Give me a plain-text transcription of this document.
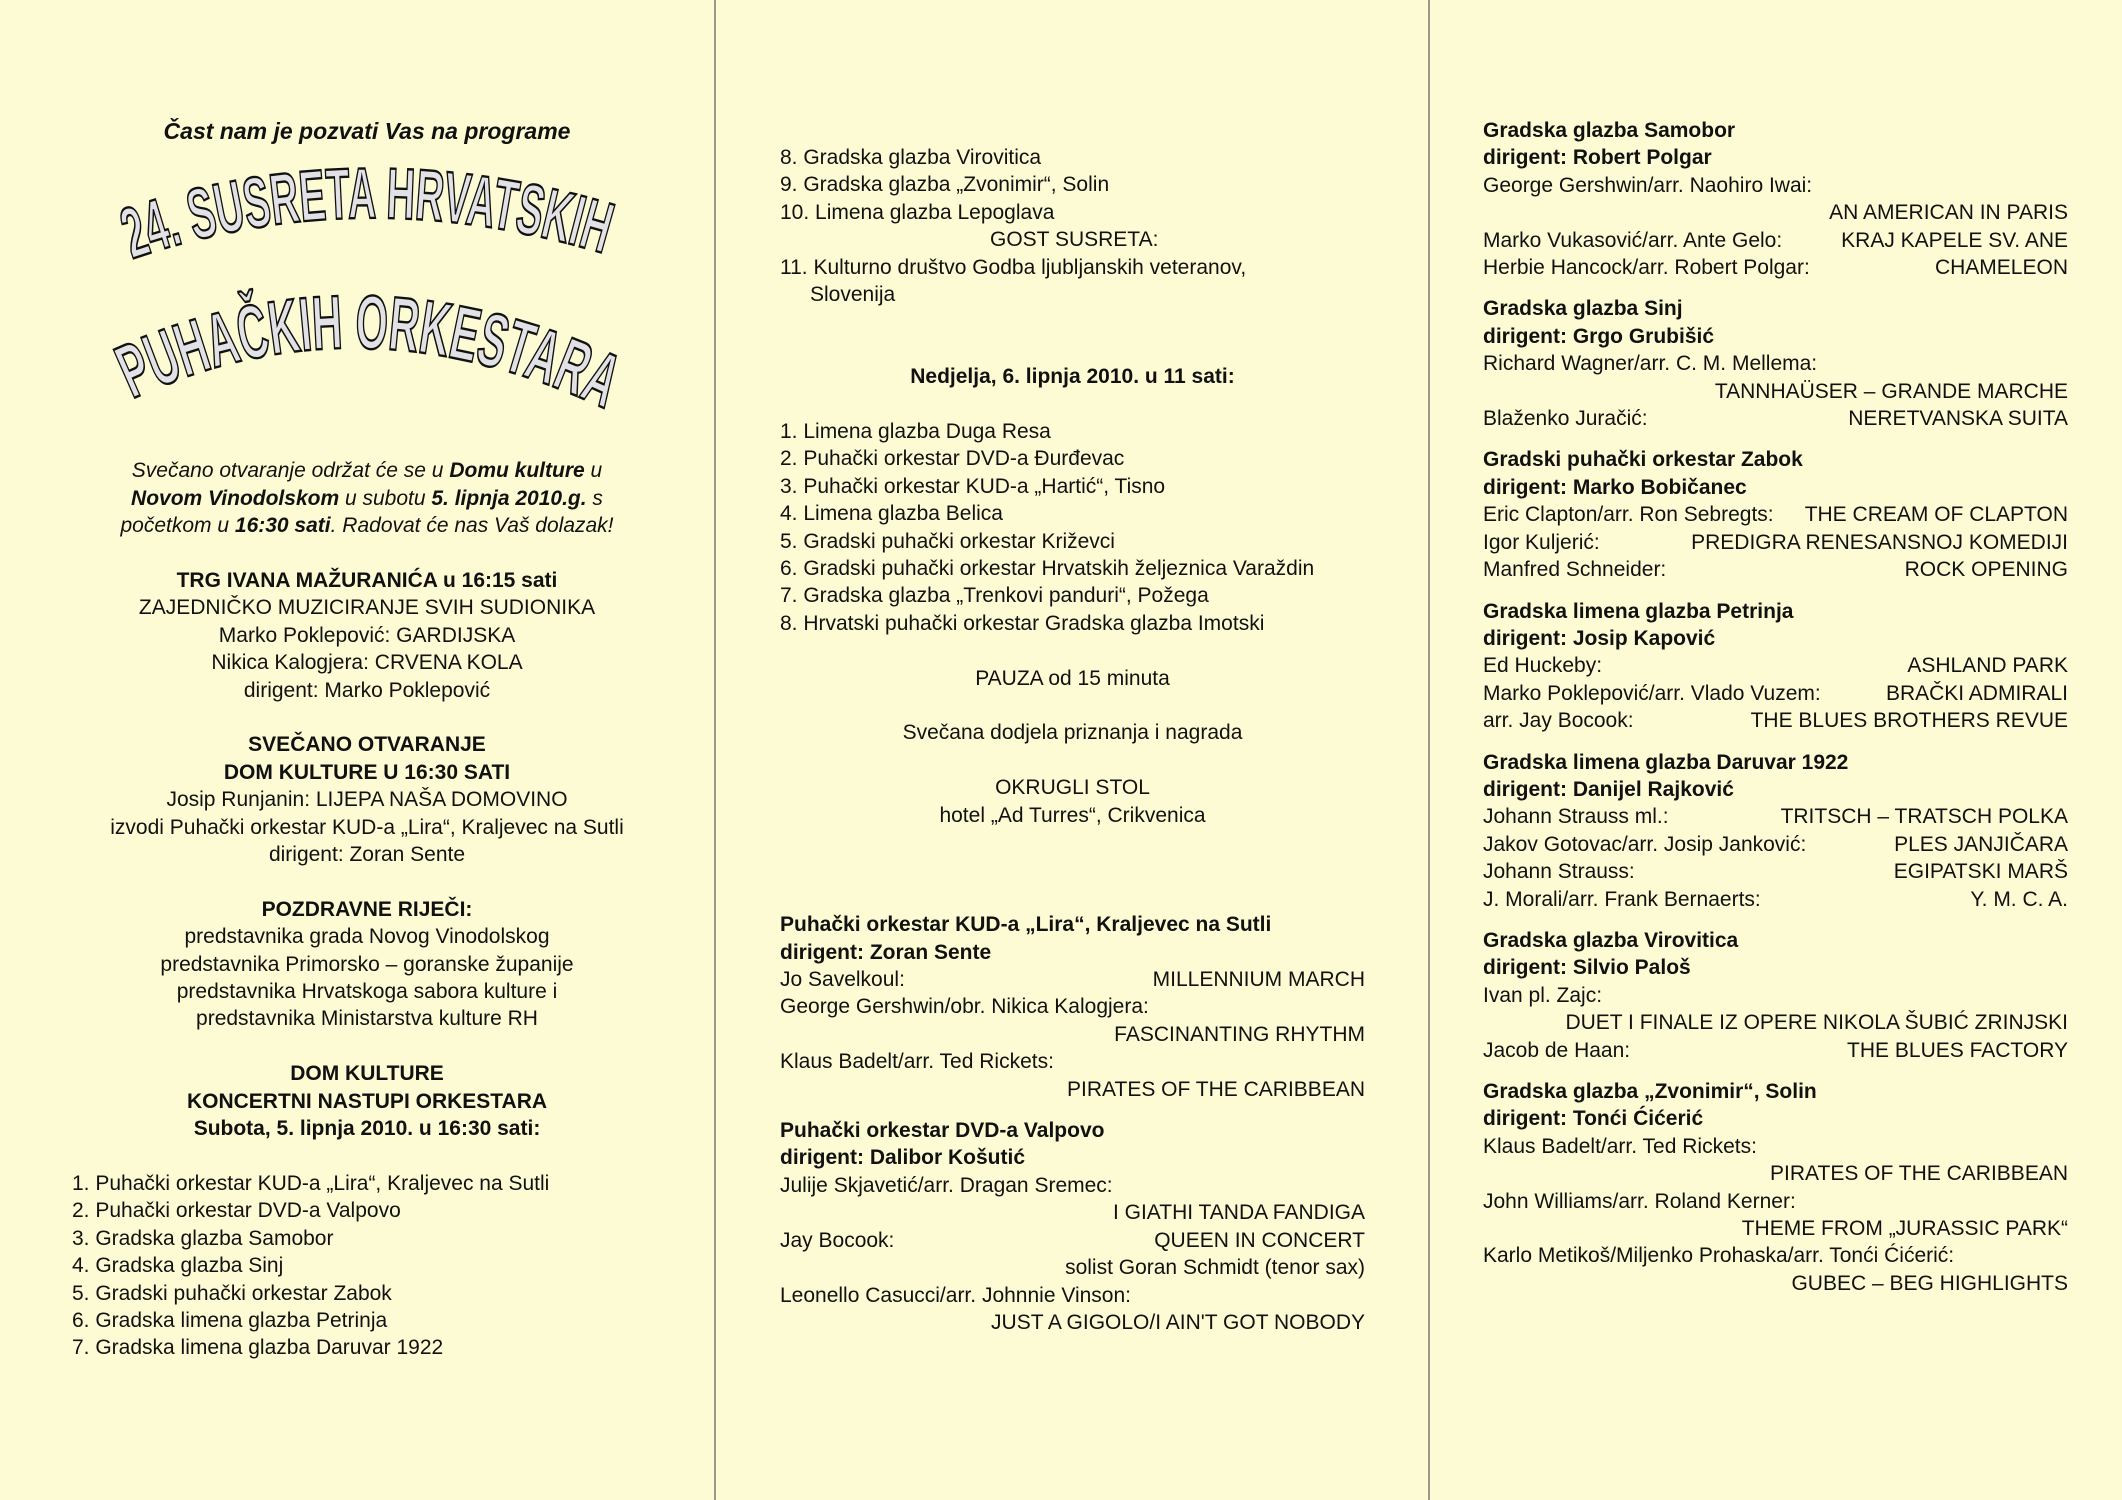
Čast nam je pozvati Vas na programe
24. SUSRETA HRVATSKIH
PUHAČKIH ORKESTARA
Svečano otvaranje održat će se u Domu kulture u
Novom Vinodolskom u subotu 5. lipnja 2010.g. s
početkom u 16:30 sati. Radovat će nas Vaš dolazak!
TRG IVANA MAŽURANIĆA u 16:15 sati
ZAJEDNIČKO MUZICIRANJE SVIH SUDIONIKA
Marko Poklepović: GARDIJSKA
Nikica Kalogjera: CRVENA KOLA
dirigent: Marko Poklepović
SVEČANO OTVARANJE
DOM KULTURE U 16:30 SATI
Josip Runjanin: LIJEPA NAŠA DOMOVINO
izvodi Puhački orkestar KUD-a „Lira“, Kraljevec na Sutli
dirigent: Zoran Sente
POZDRAVNE RIJEČI:
predstavnika grada Novog Vinodolskog
predstavnika Primorsko – goranske županije
predstavnika Hrvatskoga sabora kulture i
predstavnika Ministarstva kulture RH
DOM KULTURE
KONCERTNI NASTUPI ORKESTARA
Subota, 5. lipnja 2010. u 16:30 sati:
1. Puhački orkestar KUD-a „Lira“, Kraljevec na Sutli
2. Puhački orkestar DVD-a Valpovo
3. Gradska glazba Samobor
4. Gradska glazba Sinj
5. Gradski puhački orkestar Zabok
6. Gradska limena glazba Petrinja
7. Gradska limena glazba Daruvar 1922
8. Gradska glazba Virovitica
9. Gradska glazba „Zvonimir“, Solin
10. Limena glazba Lepoglava
GOST SUSRETA:
11. Kulturno društvo Godba ljubljanskih veteranov, Slovenija
Nedjelja, 6. lipnja 2010. u 11 sati:
1. Limena glazba Duga Resa
2. Puhački orkestar DVD-a Đurđevac
3. Puhački orkestar KUD-a „Hartić“, Tisno
4. Limena glazba Belica
5. Gradski puhački orkestar Križevci
6. Gradski puhački orkestar Hrvatskih željeznica Varaždin
7. Gradska glazba „Trenkovi panduri“, Požega
8. Hrvatski puhački orkestar Gradska glazba Imotski
PAUZA od 15 minuta
Svečana dodjela priznanja i nagrada
OKRUGLI STOL
hotel „Ad Turres“, Crikvenica
Puhački orkestar KUD-a „Lira“, Kraljevec na Sutli
dirigent: Zoran Sente
Jo Savelkoul:	MILLENNIUM MARCH
George Gershwin/obr. Nikica Kalogjera:
FASCINANTING RHYTHM
Klaus Badelt/arr. Ted Rickets:
PIRATES OF THE CARIBBEAN
Puhački orkestar DVD-a Valpovo
dirigent: Dalibor Košutić
Julije Skjavetić/arr. Dragan Sremec:
I GIATHI TANDA FANDIGA
Jay Bocook:	QUEEN IN CONCERT
solist Goran Schmidt (tenor sax)
Leonello Casucci/arr. Johnnie Vinson:
JUST A GIGOLO/I AIN'T GOT NOBODY
Gradska glazba Samobor
dirigent: Robert Polgar
George Gershwin/arr. Naohiro Iwai:
AN AMERICAN IN PARIS
Marko Vukasović/arr. Ante Gelo:	KRAJ KAPELE SV. ANE
Herbie Hancock/arr. Robert Polgar:	CHAMELEON
Gradska glazba Sinj
dirigent: Grgo Grubišić
Richard Wagner/arr. C. M. Mellema:
TANNHAÜSER – GRANDE MARCHE
Blaženko Juračić:	NERETVANSKA SUITA
Gradski puhački orkestar Zabok
dirigent: Marko Bobičanec
Eric Clapton/arr. Ron Sebregts: THE CREAM OF CLAPTON
Igor Kuljerić:	PREDIGRA RENESANSNOJ KOMEDIJI
Manfred Schneider:	ROCK OPENING
Gradska limena glazba Petrinja
dirigent: Josip Kapović
Ed Huckeby:	ASHLAND PARK
Marko Poklepović/arr. Vlado Vuzem:	BRAČKI ADMIRALI
arr. Jay Bocook:	THE BLUES BROTHERS REVUE
Gradska limena glazba Daruvar 1922
dirigent: Danijel Rajković
Johann Strauss ml.:	TRITSCH – TRATSCH POLKA
Jakov Gotovac/arr. Josip Janković:	PLES JANJIČARA
Johann Strauss:	EGIPATSKI MARŠ
J. Morali/arr. Frank Bernaerts:	Y. M. C. A.
Gradska glazba Virovitica
dirigent: Silvio Paloš
Ivan pl. Zajc:
DUET I FINALE IZ OPERE NIKOLA ŠUBIĆ ZRINJSKI
Jacob de Haan:	THE BLUES FACTORY
Gradska glazba „Zvonimir“, Solin
dirigent: Tonći Ćićerić
Klaus Badelt/arr. Ted Rickets:
PIRATES OF THE CARIBBEAN
John Williams/arr. Roland Kerner:
THEME FROM „JURASSIC PARK“
Karlo Metikoš/Miljenko Prohaska/arr. Tonći Ćićerić:
GUBEC – BEG HIGHLIGHTS
